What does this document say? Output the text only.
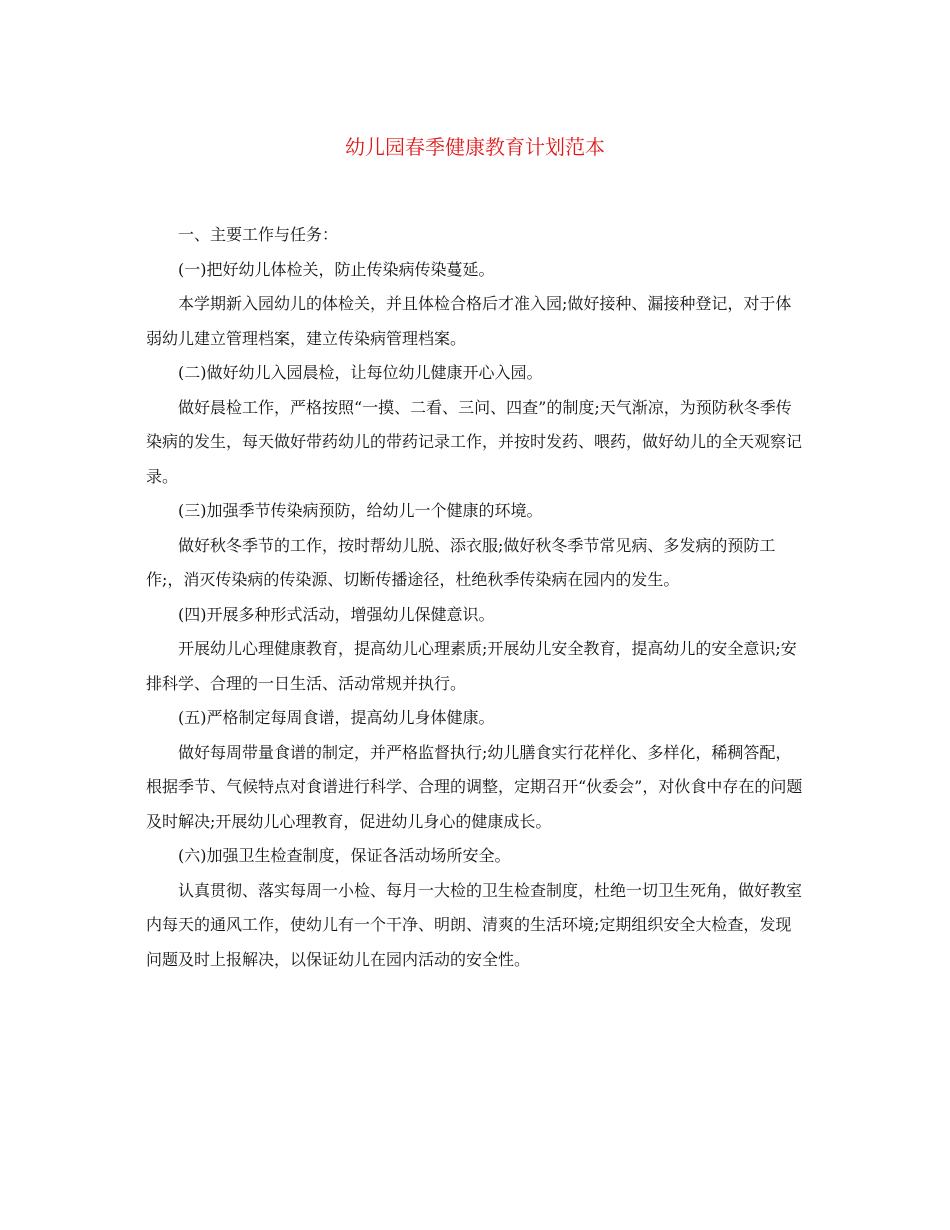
幼儿园春季健康教育计划范本

一、主要工作与任务：

(一)把好幼儿体检关，防止传染病传染蔓延。

本学期新入园幼儿的体检关，并且体检合格后才准入园;做好接种、漏接种登记，对于体弱幼儿建立管理档案，建立传染病管理档案。

(二)做好幼儿入园晨检，让每位幼儿健康开心入园。

做好晨检工作，严格按照“一摸、二看、三问、四查”的制度;天气渐凉，为预防秋冬季传染病的发生，每天做好带药幼儿的带药记录工作，并按时发药、喂药，做好幼儿的全天观察记录。

(三)加强季节传染病预防，给幼儿一个健康的环境。

做好秋冬季节的工作，按时帮幼儿脱、添衣服;做好秋冬季节常见病、多发病的预防工作;，消灭传染病的传染源、切断传播途径，杜绝秋季传染病在园内的发生。

(四)开展多种形式活动，增强幼儿保健意识。

开展幼儿心理健康教育，提高幼儿心理素质;开展幼儿安全教育，提高幼儿的安全意识;安排科学、合理的一日生活、活动常规并执行。

(五)严格制定每周食谱，提高幼儿身体健康。

做好每周带量食谱的制定，并严格监督执行;幼儿膳食实行花样化、多样化，稀稠答配，根据季节、气候特点对食谱进行科学、合理的调整，定期召开“伙委会”，对伙食中存在的问题及时解决;开展幼儿心理教育，促进幼儿身心的健康成长。

(六)加强卫生检查制度，保证各活动场所安全。

认真贯彻、落实每周一小检、每月一大检的卫生检查制度，杜绝一切卫生死角，做好教室内每天的通风工作，使幼儿有一个干净、明朗、清爽的生活环境;定期组织安全大检查，发现问题及时上报解决，以保证幼儿在园内活动的安全性。
